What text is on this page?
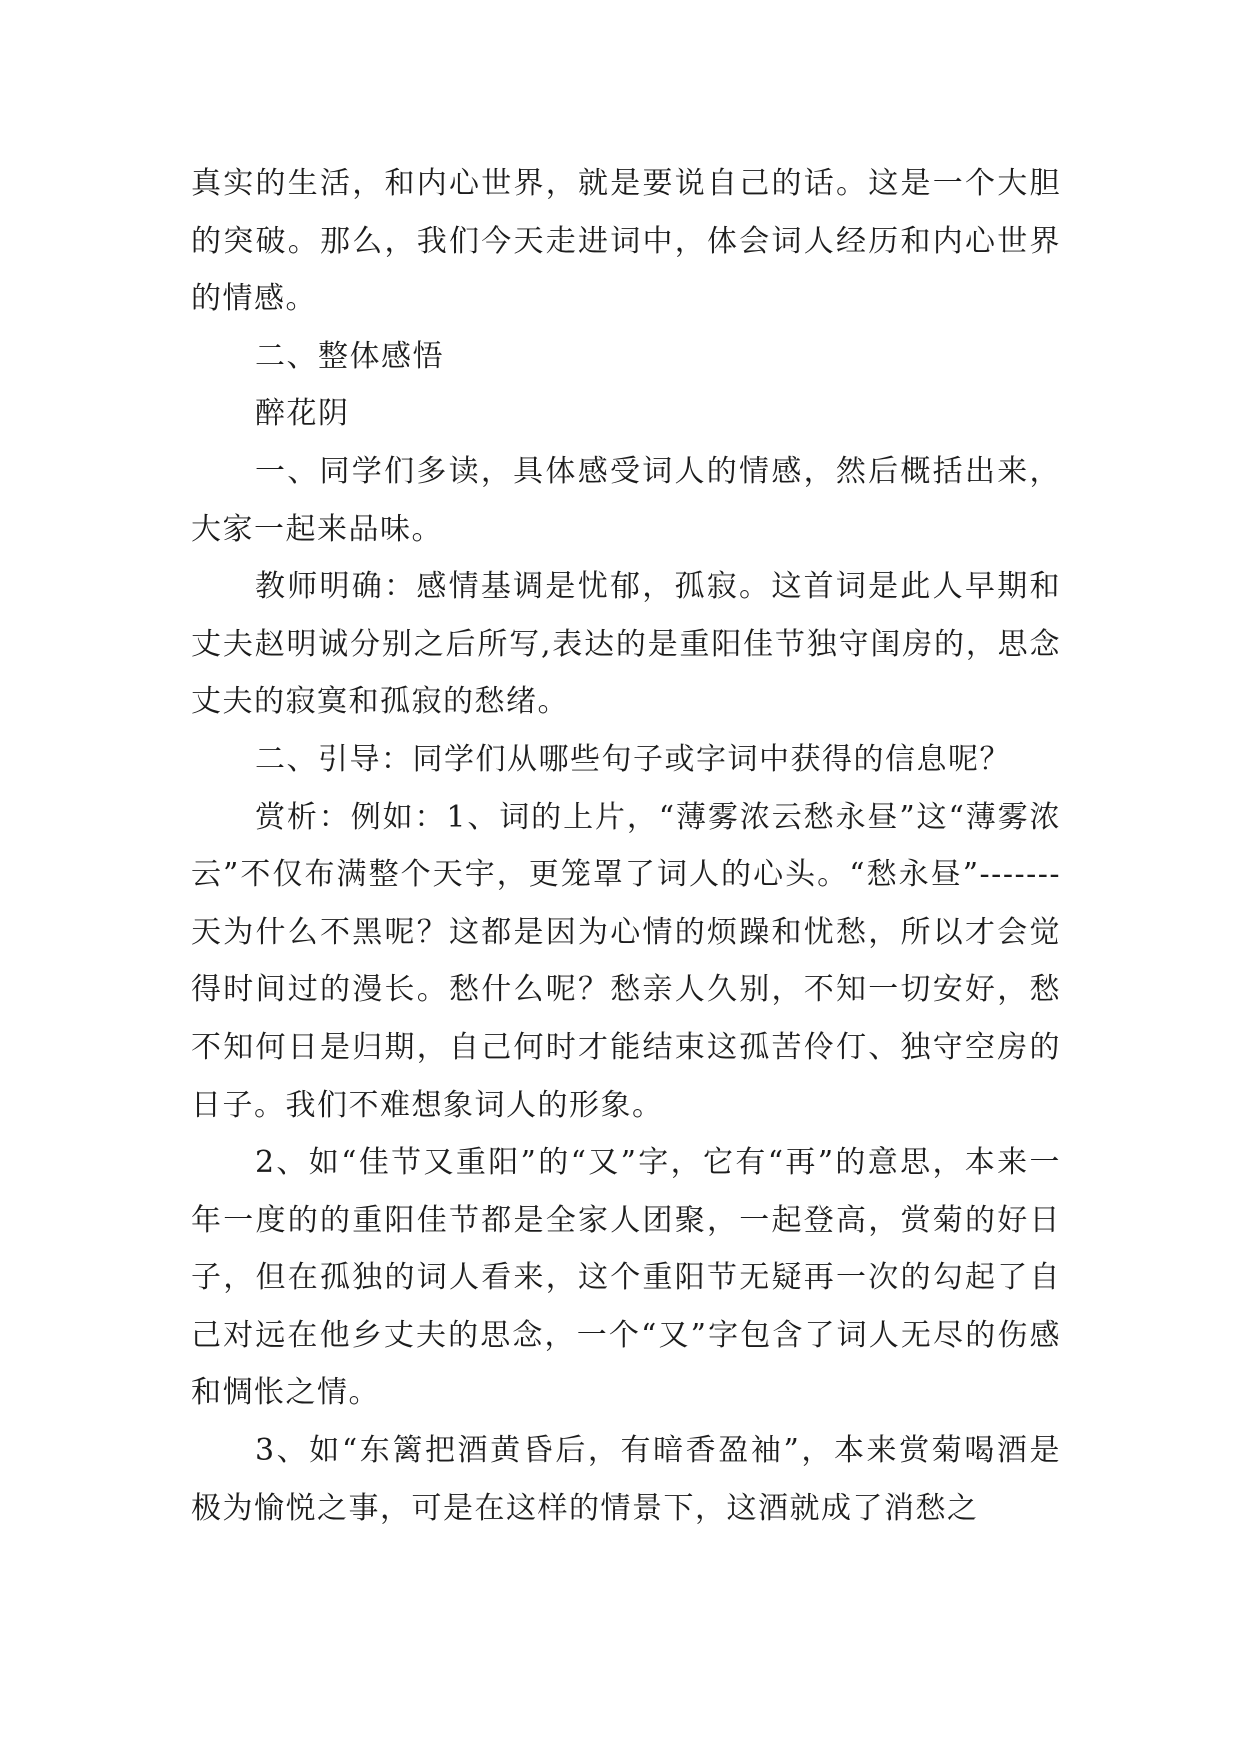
真实的生活，和内心世界，就是要说自己的话。这是一个大胆的突破。那么，我们今天走进词中，体会词人经历和内心世界的情感。

二、整体感悟

醉花阴

一、同学们多读，具体感受词人的情感，然后概括出来，大家一起来品味。

教师明确：感情基调是忧郁，孤寂。这首词是此人早期和丈夫赵明诚分别之后所写,表达的是重阳佳节独守闺房的，思念丈夫的寂寞和孤寂的愁绪。

二、引导：同学们从哪些句子或字词中获得的信息呢？

赏析：例如：1、词的上片，“薄雾浓云愁永昼”这“薄雾浓云”不仅布满整个天宇，更笼罩了词人的心头。“愁永昼”-------天为什么不黑呢？这都是因为心情的烦躁和忧愁，所以才会觉得时间过的漫长。愁什么呢？愁亲人久别，不知一切安好，愁不知何日是归期，自己何时才能结束这孤苦伶仃、独守空房的日子。我们不难想象词人的形象。

2、如“佳节又重阳”的“又”字，它有“再”的意思，本来一年一度的的重阳佳节都是全家人团聚，一起登高，赏菊的好日子，但在孤独的词人看来，这个重阳节无疑再一次的勾起了自己对远在他乡丈夫的思念，一个“又”字包含了词人无尽的伤感和惆怅之情。

3、如“东篱把酒黄昏后，有暗香盈袖”，本来赏菊喝酒是极为愉悦之事，可是在这样的情景下，这酒就成了消愁之
